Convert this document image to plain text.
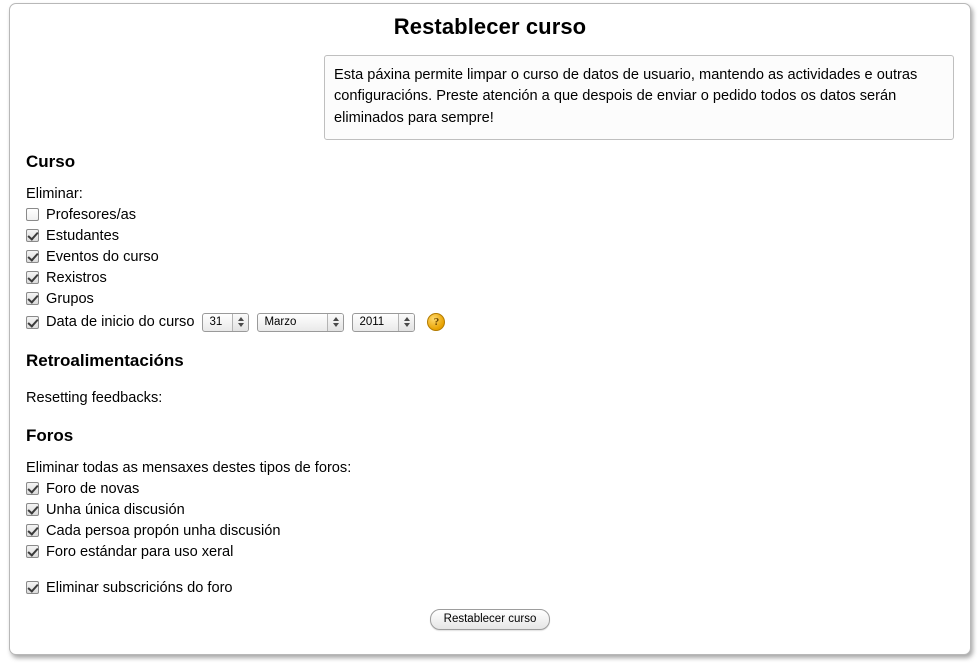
Restablecer curso
Esta páxina permite limpar o curso de datos de usuario, mantendo as actividades e outras configuracións. Preste atención a que despois de enviar o pedido todos os datos serán eliminados para sempre!
Curso
Eliminar:
Profesores/as
Estudantes
Eventos do curso
Rexistros
Grupos
Data de inicio do curso 31	Marzo	2011	?
Retroalimentacións
Resetting feedbacks:
Foros
Eliminar todas as mensaxes destes tipos de foros:
Foro de novas
Unha única discusión
Cada persoa propón unha discusión
Foro estándar para uso xeral
Eliminar subscricións do foro
Restablecer curso
